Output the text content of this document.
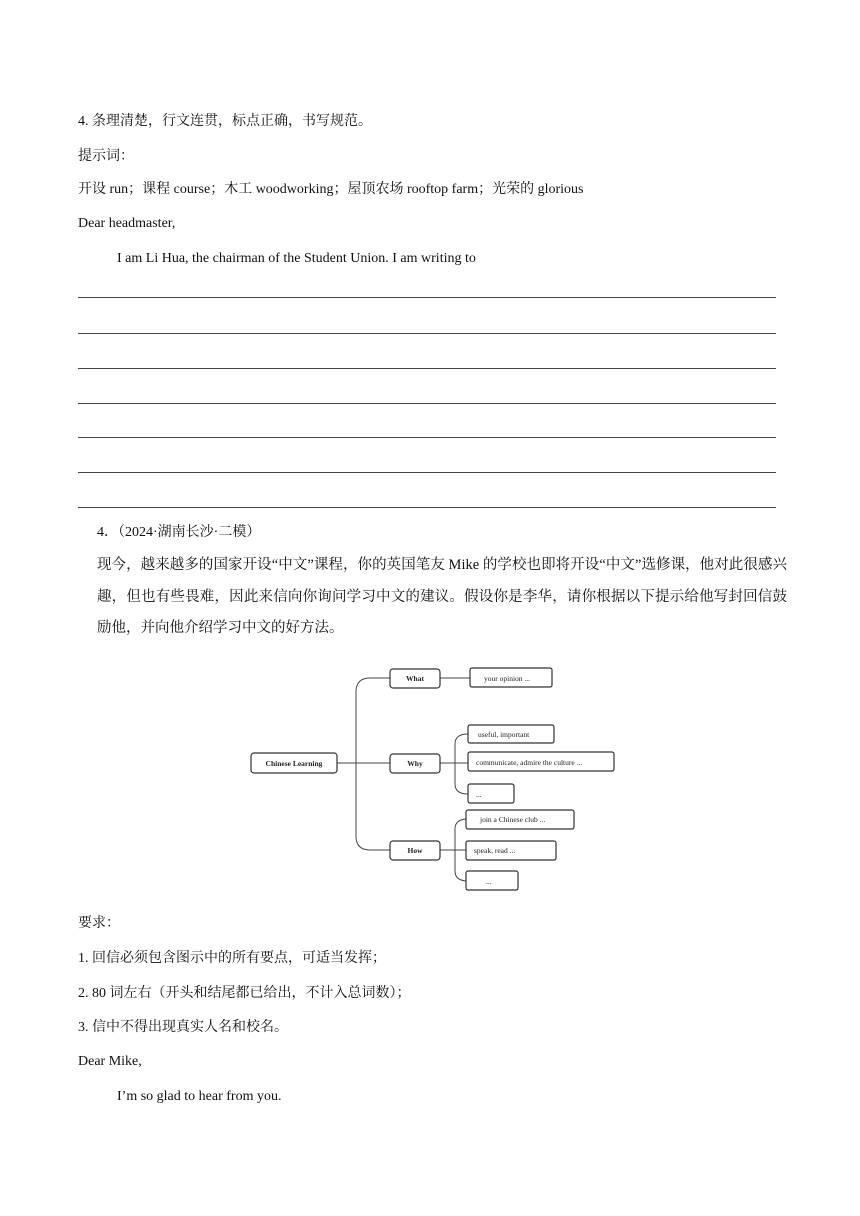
4. 条理清楚，行文连贯，标点正确，书写规范。
提示词：
开设 run；课程 course；木工 woodworking；屋顶农场 rooftop farm；光荣的 glorious
Dear headmaster,
I am Li Hua, the chairman of the Student Union. I am writing to
4．（2024·湖南长沙·二模）
现今，越来越多的国家开设“中文”课程，你的英国笔友 Mike 的学校也即将开设“中文”选修课，他对此很感兴趣，但也有些畏难，因此来信向你询问学习中文的建议。假设你是李华，请你根据以下提示给他写封回信鼓励他，并向他介绍学习中文的好方法。
Chinese Learning
What
Why
How
your opinion ...
useful, important
communicate, admire the culture ...
...
join a Chinese club ...
speak, read ...
...
要求：
1. 回信必须包含图示中的所有要点，可适当发挥；
2. 80 词左右（开头和结尾都已给出，不计入总词数）；
3. 信中不得出现真实人名和校名。
Dear Mike,
I’m so glad to hear from you.
